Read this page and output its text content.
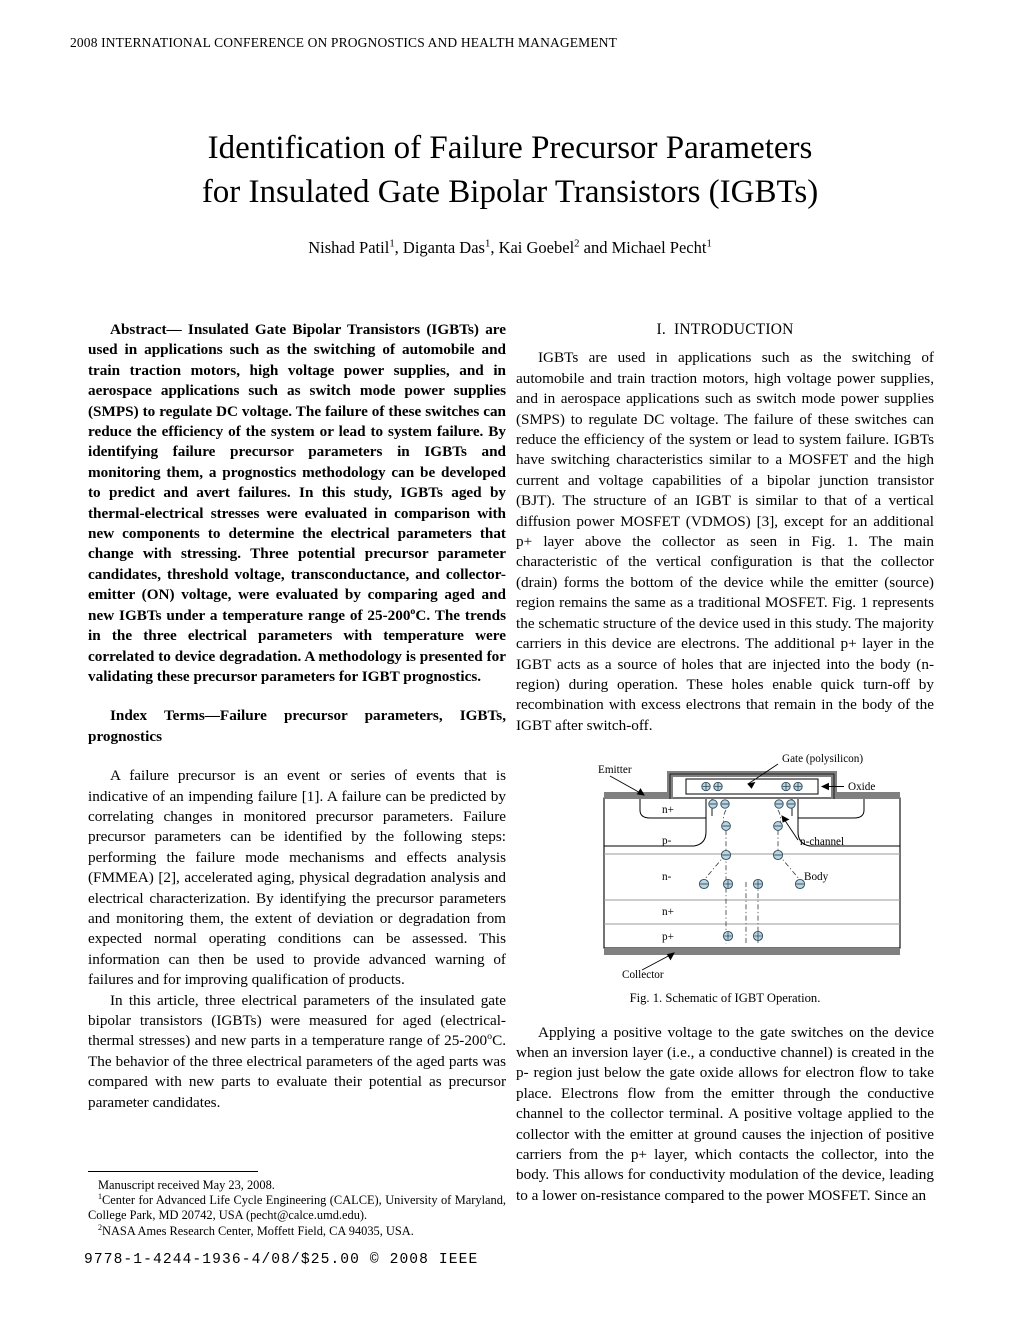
2008 INTERNATIONAL CONFERENCE ON PROGNOSTICS AND HEALTH MANAGEMENT
Identification of Failure Precursor Parameters
for Insulated Gate Bipolar Transistors (IGBTs)
Nishad Patil$^1$, Diganta Das$^1$, Kai Goebel$^2$ and Michael Pecht$^1$

Abstract— Insulated Gate Bipolar Transistors (IGBTs) are used in applications such as the switching of automobile and train traction motors, high voltage power supplies, and in aerospace applications such as switch mode power supplies (SMPS) to regulate DC voltage. The failure of these switches can reduce the efficiency of the system or lead to system failure. By identifying failure precursor parameters in IGBTs and monitoring them, a prognostics methodology can be developed to predict and avert failures. In this study, IGBTs aged by thermal-electrical stresses were evaluated in comparison with new components to determine the electrical parameters that change with stressing. Three potential precursor parameter candidates, threshold voltage, transconductance, and collector-emitter (ON) voltage, were evaluated by comparing aged and new IGBTs under a temperature range of 25-200$^o$C. The trends in the three electrical parameters with temperature were correlated to device degradation. A methodology is presented for validating these precursor parameters for IGBT prognostics.

Index Terms—Failure precursor parameters, IGBTs, prognostics

A failure precursor is an event or series of events that is indicative of an impending failure [1]. A failure can be predicted by correlating changes in monitored precursor parameters. Failure precursor parameters can be identified by the following steps: performing the failure mode mechanisms and effects analysis (FMMEA) [2], accelerated aging, physical degradation analysis and electrical characterization. By identifying the precursor parameters and monitoring them, the extent of deviation or degradation from expected normal operating conditions can be assessed. This information can then be used to provide advanced warning of failures and for improving qualification of products.

In this article, three electrical parameters of the insulated gate bipolar transistors (IGBTs) were measured for aged (electrical-thermal stresses) and new parts in a temperature range of 25-200$^o$C. The behavior of the three electrical parameters of the aged parts was compared with new parts to evaluate their potential as precursor parameter candidates.

I. INTRODUCTION

IGBTs are used in applications such as the switching of automobile and train traction motors, high voltage power supplies, and in aerospace applications such as switch mode power supplies (SMPS) to regulate DC voltage. The failure of these switches can reduce the efficiency of the system or lead to system failure. IGBTs have switching characteristics similar to a MOSFET and the high current and voltage capabilities of a bipolar junction transistor (BJT). The structure of an IGBT is similar to that of a vertical diffusion power MOSFET (VDMOS) [3], except for an additional p+ layer above the collector as seen in Fig. 1. The main characteristic of the vertical configuration is that the collector (drain) forms the bottom of the device while the emitter (source) region remains the same as a traditional MOSFET. Fig. 1 represents the schematic structure of the device used in this study. The majority carriers in this device are electrons. The additional p+ layer in the IGBT acts as a source of holes that are injected into the body (n- region) during operation. These holes enable quick turn-off by recombination with excess electrons that remain in the body of the IGBT after switch-off.

Gate (polysilicon)
Emitter
Oxide
n-channel
Body
Collector
n+
p-
n-
n+
p+
Fig. 1. Schematic of IGBT Operation.

Applying a positive voltage to the gate switches on the device when an inversion layer (i.e., a conductive channel) is created in the p- region just below the gate oxide allows for electron flow to take place. Electrons flow from the emitter through the conductive channel to the collector terminal. A positive voltage applied to the collector with the emitter at ground causes the injection of positive carriers from the p+ layer, which contacts the collector, into the body. This allows for conductivity modulation of the device, leading to a lower on-resistance compared to the power MOSFET. Since an

Manuscript received May 23, 2008.

$^1$Center for Advanced Life Cycle Engineering (CALCE), University of Maryland, College Park, MD 20742, USA (pecht@calce.umd.edu).

$^2$NASA Ames Research Center, Moffett Field, CA 94035, USA.

9778-1-4244-1936-4/08/$25.00 © 2008 IEEE
